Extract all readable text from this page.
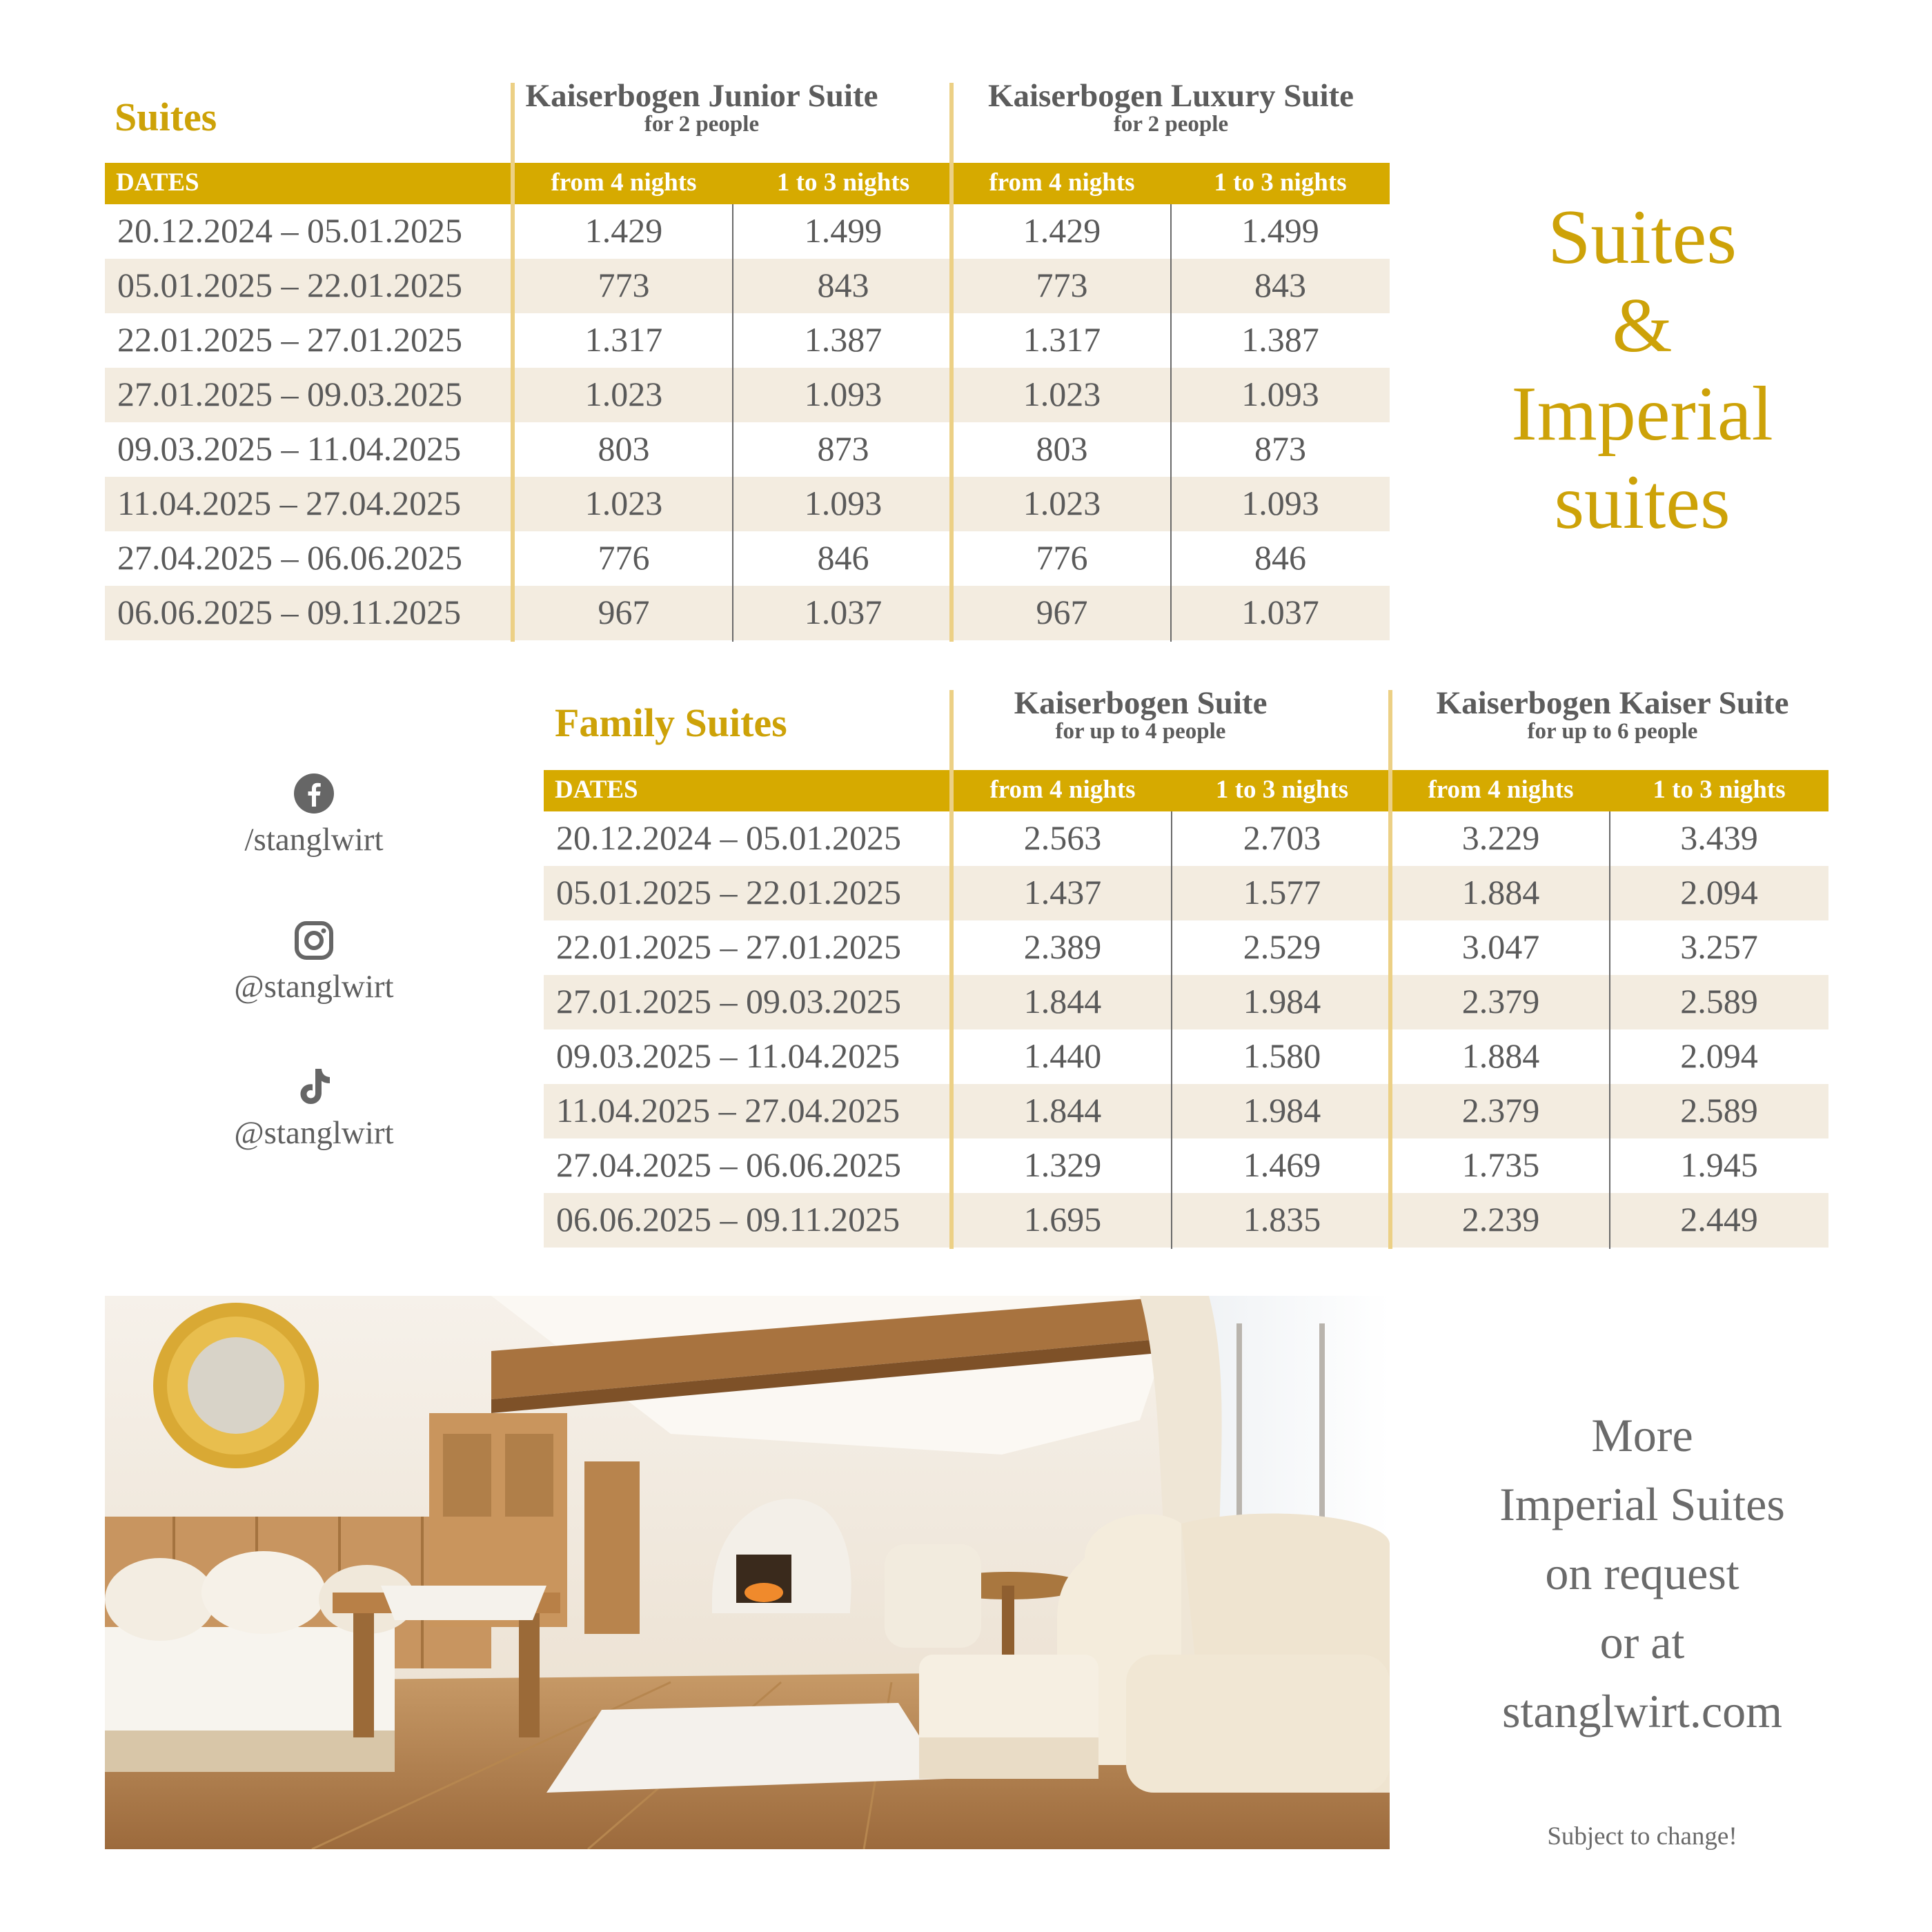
Suites	Kaiserbogen Junior Suite
for 2 people
Kaiserbogen Luxury Suite
for 2 people
DATES	from 4 nights	1 to 3 nights	from 4 nights	1 to 3 nights
20.12.2024 – 05.01.2025	1.429	1.499	1.429	1.499
05.01.2025 – 22.01.2025	773	843	773	843
22.01.2025 – 27.01.2025	1.317	1.387	1.317	1.387
27.01.2025 – 09.03.2025	1.023	1.093	1.023	1.093
09.03.2025 – 11.04.2025	803	873	803	873
11.04.2025 – 27.04.2025	1.023	1.093	1.023	1.093
27.04.2025 – 06.06.2025	776	846	776	846
06.06.2025 – 09.11.2025	967	1.037	967	1.037
Suites
&
Imperial
suites
Family Suites	Kaiserbogen Suite
for up to 4 people
Kaiserbogen Kaiser Suite
for up to 6 people
DATES	from 4 nights	1 to 3 nights	from 4 nights	1 to 3 nights
20.12.2024 – 05.01.2025	2.563	2.703	3.229	3.439
05.01.2025 – 22.01.2025	1.437	1.577	1.884	2.094
22.01.2025 – 27.01.2025	2.389	2.529	3.047	3.257
27.01.2025 – 09.03.2025	1.844	1.984	2.379	2.589
09.03.2025 – 11.04.2025	1.440	1.580	1.884	2.094
11.04.2025 – 27.04.2025	1.844	1.984	2.379	2.589
27.04.2025 – 06.06.2025	1.329	1.469	1.735	1.945
06.06.2025 – 09.11.2025	1.695	1.835	2.239	2.449
/stanglwirt
@stanglwirt
@stanglwirt
More
Imperial Suites
on request
or at
stanglwirt.com
Subject to change!
